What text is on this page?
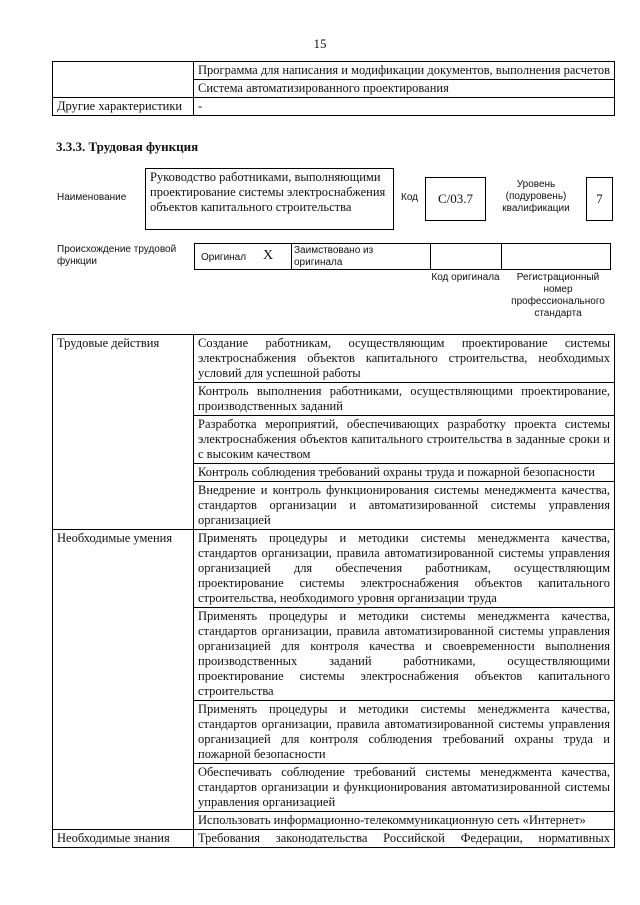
15
	Программа для написания и модификации документов, выполнения расчетов
	Система автоматизированного проектирования
Другие характеристики	-
3.3.3. Трудовая функция
Наименование
Руководство работниками, выполняющими проектирование системы электроснабжения объектов капитального строительства
Код	C/03.7
Уровень (подуровень) квалификации
7
Происхождение трудовой функции	Оригинал X Заимствовано из оригинала
Код оригинала	Регистрационный номер профессионального стандарта
Трудовые действия	Создание работникам, осуществляющим проектирование системы электроснабжения объектов капитального строительства, необходимых условий для успешной работы
	Контроль выполнения работниками, осуществляющими проектирование, производственных заданий
	Разработка мероприятий, обеспечивающих разработку проекта системы электроснабжения объектов капитального строительства в заданные сроки и с высоким качеством
	Контроль соблюдения требований охраны труда и пожарной безопасности
	Внедрение и контроль функционирования системы менеджмента качества, стандартов организации и автоматизированной системы управления организацией
Необходимые умения	Применять процедуры и методики системы менеджмента качества, стандартов организации, правила автоматизированной системы управления организацией для обеспечения работникам, осуществляющим проектирование системы электроснабжения объектов капитального строительства, необходимого уровня организации труда
	Применять процедуры и методики системы менеджмента качества, стандартов организации, правила автоматизированной системы управления организацией для контроля качества и своевременности выполнения производственных заданий работниками, осуществляющими проектирование системы электроснабжения объектов капитального строительства
	Применять процедуры и методики системы менеджмента качества, стандартов организации, правила автоматизированной системы управления организацией для контроля соблюдения требований охраны труда и пожарной безопасности
	Обеспечивать соблюдение требований системы менеджмента качества, стандартов организации и функционирования автоматизированной системы управления организацией
	Использовать информационно-телекоммуникационную сеть «Интернет»
Необходимые знания	Требования законодательства Российской Федерации, нормативных
